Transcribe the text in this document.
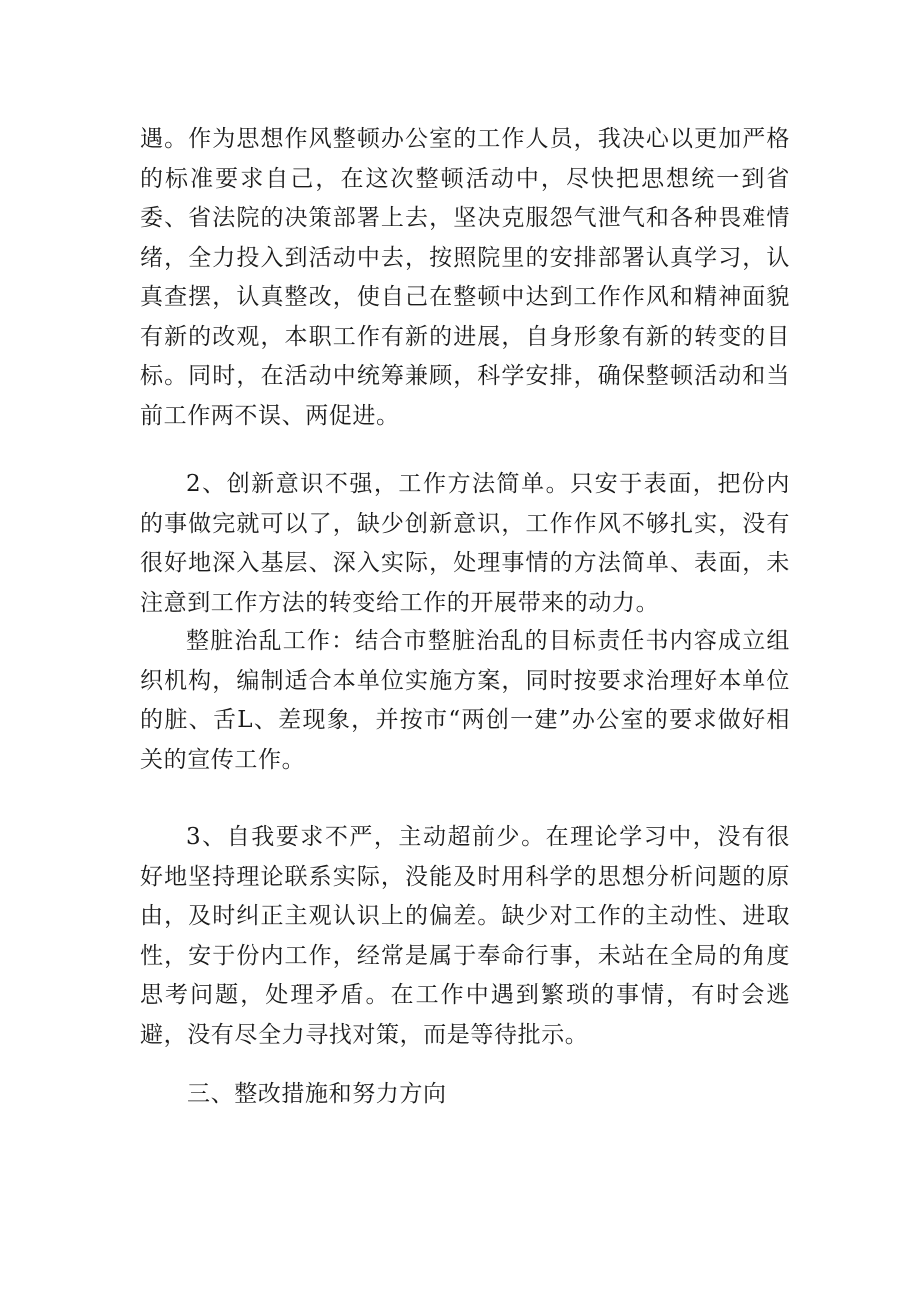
遇。作为思想作风整顿办公室的工作人员，我决心以更加严格的标准要求自己，在这次整顿活动中，尽快把思想统一到省委、省法院的决策部署上去，坚决克服怨气泄气和各种畏难情绪，全力投入到活动中去，按照院里的安排部署认真学习，认真查摆，认真整改，使自己在整顿中达到工作作风和精神面貌有新的改观，本职工作有新的进展，自身形象有新的转变的目标。同时，在活动中统筹兼顾，科学安排，确保整顿活动和当前工作两不误、两促进。

2、创新意识不强，工作方法简单。只安于表面，把份内的事做完就可以了，缺少创新意识，工作作风不够扎实，没有很好地深入基层、深入实际，处理事情的方法简单、表面，未注意到工作方法的转变给工作的开展带来的动力。

整脏治乱工作：结合市整脏治乱的目标责任书内容成立组织机构，编制适合本单位实施方案，同时按要求治理好本单位的脏、舌L、差现象，并按市“两创一建”办公室的要求做好相关的宣传工作。

3、自我要求不严，主动超前少。在理论学习中，没有很好地坚持理论联系实际，没能及时用科学的思想分析问题的原由，及时纠正主观认识上的偏差。缺少对工作的主动性、进取性，安于份内工作，经常是属于奉命行事，未站在全局的角度思考问题，处理矛盾。在工作中遇到繁琐的事情，有时会逃避，没有尽全力寻找对策，而是等待批示。

三、整改措施和努力方向
